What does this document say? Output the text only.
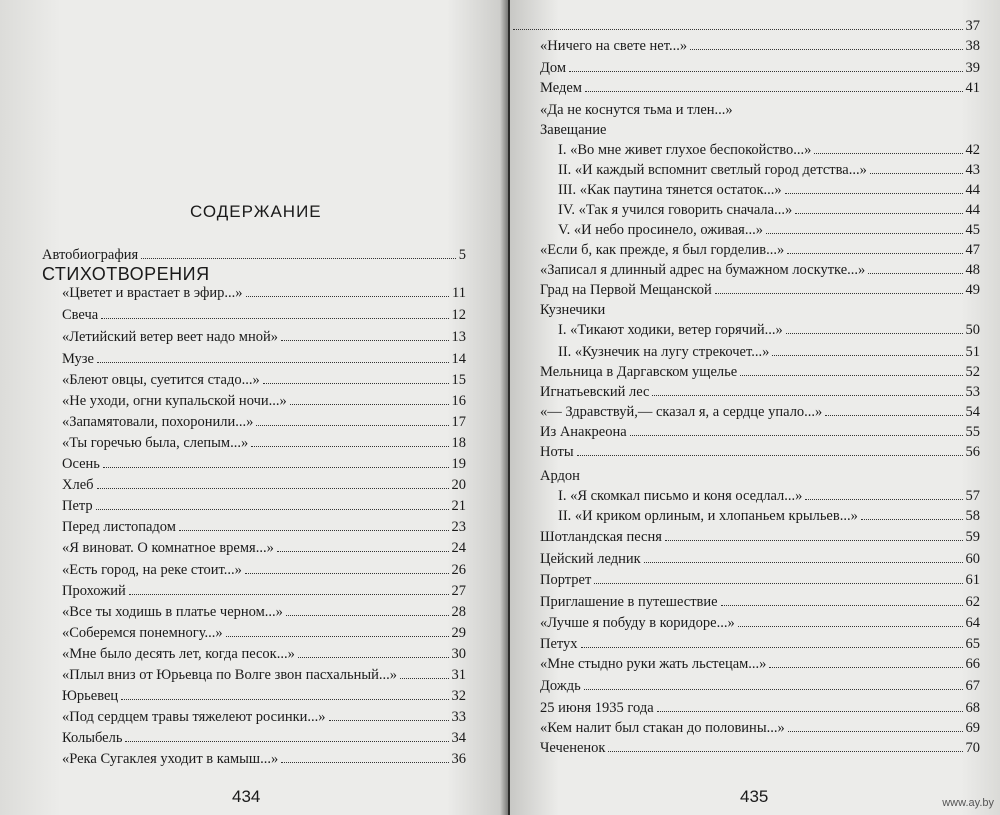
СОДЕРЖАНИЕ
СТИХОТВОРЕНИЯ
Автобиография	5
«Цветет и врастает в эфир...»	11
Свеча	12
«Летийский ветер веет надо мной»	13
Музе	14
«Блеют овцы, суетится стадо...»	15
«Не уходи, огни купальской ночи...»	16
«Запамятовали, похоронили...»	17
«Ты горечью была, слепым...»	18
Осень	19
Хлеб	20
Петр	21
Перед листопадом	23
«Я виноват. О комнатное время...»	24
«Есть город, на реке стоит...»	26
Прохожий	27
«Все ты ходишь в платье черном...»	28
«Соберемся понемногу...»	29
«Мне было десять лет, когда песок...»	30
«Плыл вниз от Юрьевца по Волге звон пасхальный...»	31
Юрьевец	32
«Под сердцем травы тяжелеют росинки...»	33
Колыбель	34
«Река Сугаклея уходит в камыш...»	36
434
37
«Ничего на свете нет...»	38
Дом	39
Медем	41
«Да не коснутся тьма и тлен...»
Завещание
I. «Во мне живет глухое беспокойство...»	42
II. «И каждый вспомнит светлый город детства...»	43
III. «Как паутина тянется остаток...»	44
IV. «Так я учился говорить сначала...»	44
V. «И небо просинело, оживая...»	45
«Если б, как прежде, я был горделив...»	47
«Записал я длинный адрес на бумажном лоскутке...»	48
Град на Первой Мещанской	49
Кузнечики
I. «Тикают ходики, ветер горячий...»	50
II. «Кузнечик на лугу стрекочет...»	51
Мельница в Даргавском ущелье	52
Игнатьевский лес	53
«— Здравствуй,— сказал я, а сердце упало...»	54
Из Анакреона	55
Ноты	56
Ардон
I. «Я скомкал письмо и коня оседлал...»	57
II. «И криком орлиным, и хлопаньем крыльев...»	58
Шотландская песня	59
Цейский ледник	60
Портрет	61
Приглашение в путешествие	62
«Лучше я побуду в коридоре...»	64
Петух	65
«Мне стыдно руки жать льстецам...»	66
Дождь	67
25 июня 1935 года	68
«Кем налит был стакан до половины...»	69
Чечененок	70
435	www.ay.by
